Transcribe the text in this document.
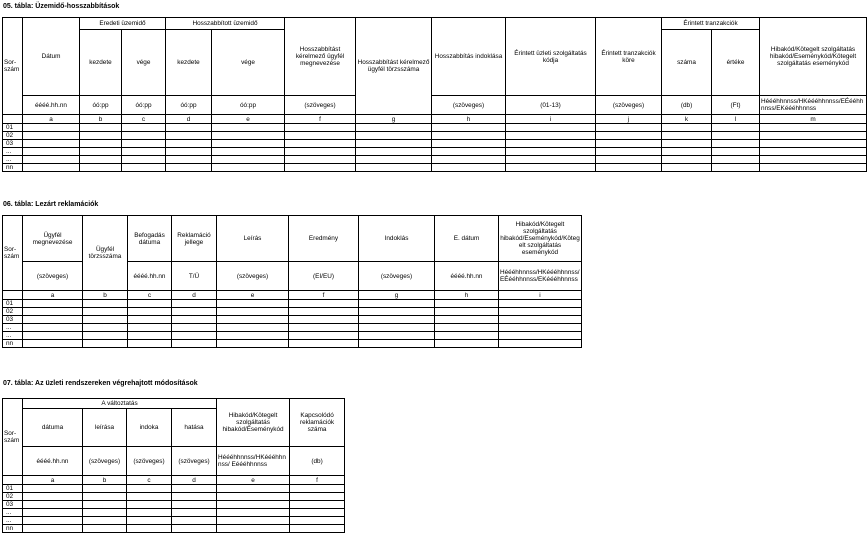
05. tábla: Üzemidő-hosszabbítások
Sor-szám	Dátum	Eredeti üzemidő		Hosszabbított üzemidő		Hosszabbítást kérelmező ügyfél megnevezése	Hosszabbítást kérelmező ügyfél törzsszáma	Hosszabbítás indoklása	Érintett üzleti szolgáltatás kódja	Érintett tranzakciók köre	Érintett tranzakciók		Hibakód/Kötegelt szolgáltatás hibakód/Eseménykód/Kötegelt szolgáltatás eseménykód
		kezdete	vége	kezdete	vége						száma	értéke	
	éééé.hh.nn	óó:pp	óó:pp	óó:pp	óó:pp	(szöveges)		(szöveges)	(01-13)	(szöveges)	(db)	(Ft)	Héééhhnnss/HKéééhhnnss/EÉééhhnnss/EKéééhhnnss
	a	b	c	d	e	f	g	h	i	j	k	l	m
01													
02													
03													
...													
...													
nn													
06. tábla: Lezárt reklamációk
Sor-szám	Ügyfél megnevezése	Ügyfél törzsszáma	Befogadás dátuma	Reklamáció jellege	Leírás	Eredmény	Indoklás	E. dátum	Hibakód/Kötegelt szolgáltatás hibakód/Eseménykód/Kötegelt szolgáltatás eseménykód
	(szöveges)		éééé.hh.nn	T/Ü	(szöveges)	(EI/EU)	(szöveges)	éééé.hh.nn	Héééhhnnss/HKéééhhnnss/EÉééhhnnss/EKéééhhnnss
	a	b	c	d	e	f	g	h	i
01									
02									
03									
...									
...									
nn									
07. tábla: Az üzleti rendszereken végrehajtott módosítások
Sor-szám	A változtatás				Hibakód/Kötegelt szolgáltatás hibakód/Eseménykód	Kapcsolódó reklamációk száma
	dátuma	leírása	indoka	hatása		
	éééé.hh.nn	(szöveges)	(szöveges)	(szöveges)	Héééhhnnss/HKéééhhnnss/ Eéééhhnnss	(db)
	a	b	c	d	e	f
01						
02						
03						
...						
...						
nn						
